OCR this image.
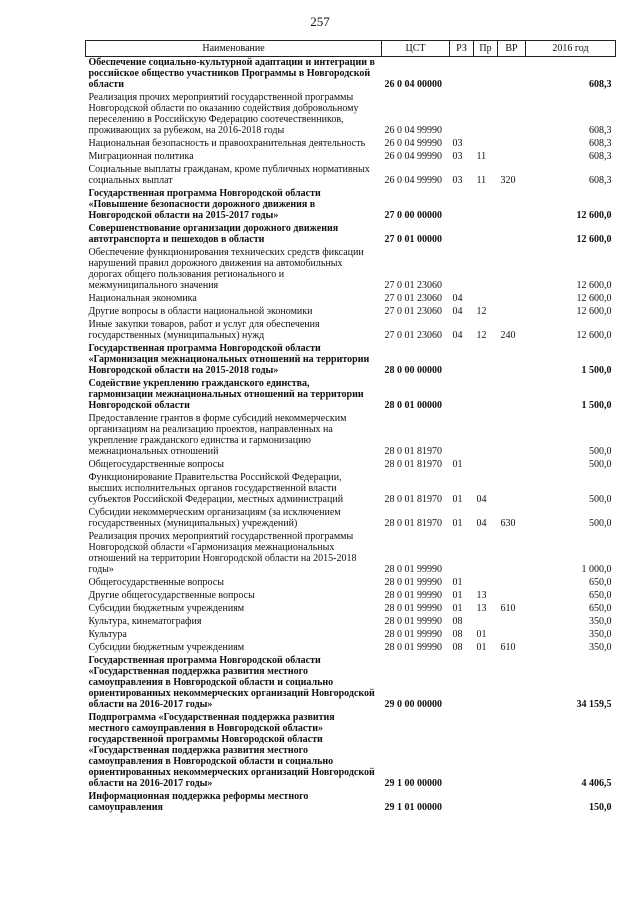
257
Наименование	ЦСТ	РЗ	Пр	ВР	2016 год
Обеспечение социально-культурной адаптации и интеграции в российское общество участников Программы в Новгородской области	26 0 04 00000				608,3
Реализация прочих мероприятий государственной программы Новгородской области по оказанию содействия добровольному переселению в Российскую Федерацию соотечественников, проживающих за рубежом, на 2016-2018 годы	26 0 04 99990				608,3
Национальная безопасность и правоохранительная деятельность	26 0 04 99990	03			608,3
Миграционная политика	26 0 04 99990	03	11		608,3
Социальные выплаты гражданам, кроме публичных нормативных социальных выплат	26 0 04 99990	03	11	320	608,3
Государственная программа Новгородской области «Повышение безопасности дорожного движения в Новгородской области на 2015-2017 годы»	27 0 00 00000				12 600,0
Совершенствование организации дорожного движения автотранспорта и пешеходов в области	27 0 01 00000				12 600,0
Обеспечение функционирования технических средств фиксации нарушений правил дорожного движения на автомобильных дорогах общего пользования регионального и межмуниципального значения	27 0 01 23060				12 600,0
Национальная экономика	27 0 01 23060	04			12 600,0
Другие вопросы в области национальной экономики	27 0 01 23060	04	12		12 600,0
Иные закупки товаров, работ и услуг для обеспечения государственных (муниципальных) нужд	27 0 01 23060	04	12	240	12 600,0
Государственная программа Новгородской области «Гармонизация межнациональных отношений на территории Новгородской области на 2015-2018 годы»	28 0 00 00000				1 500,0
Содействие укреплению гражданского единства, гармонизации межнациональных отношений на территории Новгородской области	28 0 01 00000				1 500,0
Предоставление грантов в форме субсидий некоммерческим организациям на реализацию проектов, направленных на укрепление гражданского единства и гармонизацию межнациональных отношений	28 0 01 81970				500,0
Общегосударственные вопросы	28 0 01 81970	01			500,0
Функционирование Правительства Российской Федерации, высших исполнительных органов государственной власти субъектов Российской Федерации, местных администраций	28 0 01 81970	01	04		500,0
Субсидии некоммерческим организациям (за исключением государственных (муниципальных) учреждений)	28 0 01 81970	01	04	630	500,0
Реализация прочих мероприятий государственной программы Новгородской области «Гармонизация межнациональных отношений на территории Новгородской области на 2015-2018 годы»	28 0 01 99990				1 000,0
Общегосударственные вопросы	28 0 01 99990	01			650,0
Другие общегосударственные вопросы	28 0 01 99990	01	13		650,0
Субсидии бюджетным учреждениям	28 0 01 99990	01	13	610	650,0
Культура, кинематография	28 0 01 99990	08			350,0
Культура	28 0 01 99990	08	01		350,0
Субсидии бюджетным учреждениям	28 0 01 99990	08	01	610	350,0
Государственная программа Новгородской области «Государственная поддержка развития местного самоуправления в Новгородской области и социально ориентированных некоммерческих организаций Новгородской области на 2016-2017 годы»	29 0 00 00000				34 159,5
Подпрограмма «Государственная поддержка развития местного самоуправления в Новгородской области» государственной программы Новгородской области «Государственная поддержка развития местного самоуправления в Новгородской области и социально ориентированных некоммерческих организаций Новгородской области на 2016-2017 годы»	29 1 00 00000				4 406,5
Информационная поддержка реформы местного самоуправления	29 1 01 00000				150,0
